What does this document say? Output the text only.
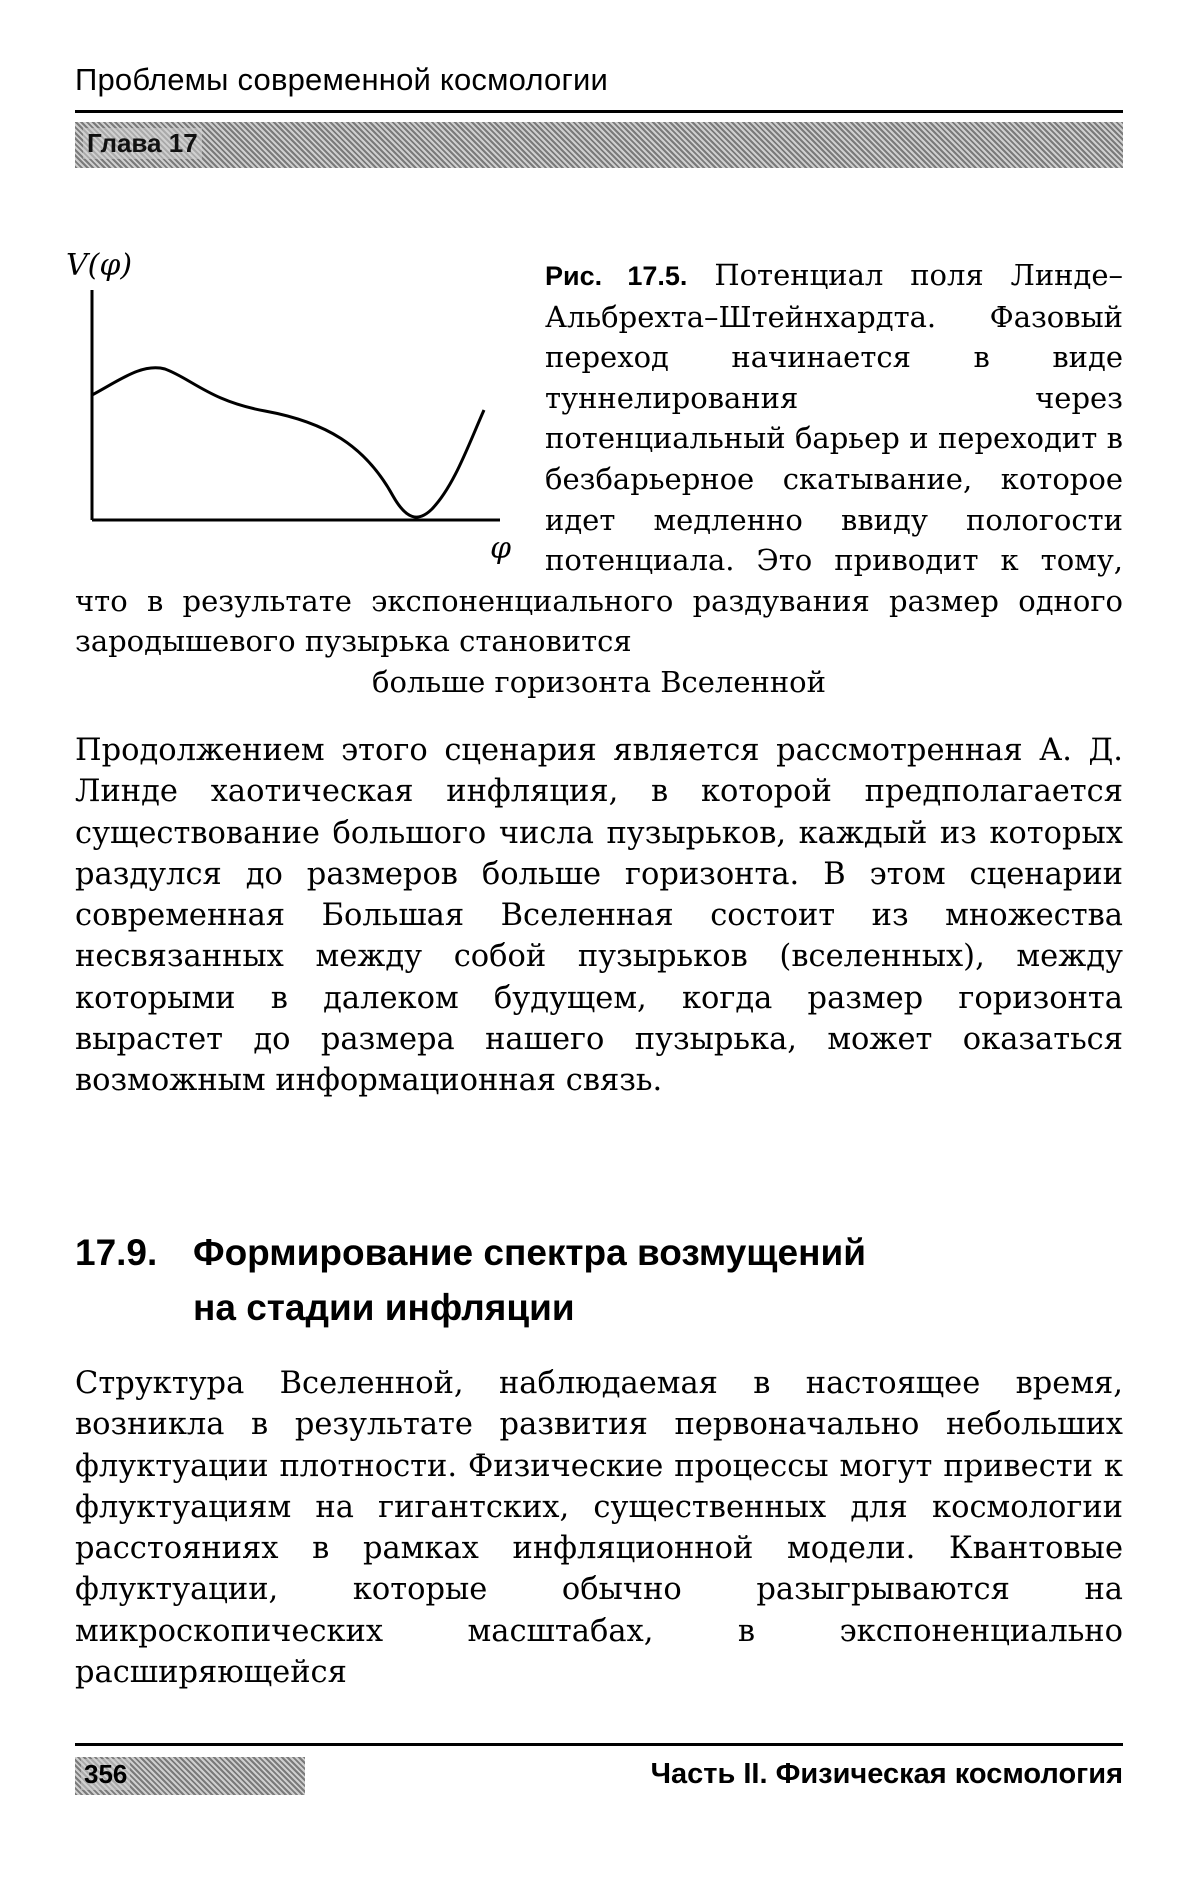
Проблемы современной космологии
Глава 17
V(φ)
φ
Рис. 17.5. Потенциал поля Линде–Альбрехта–Штейнхардта. Фазовый переход начинается в виде туннелирования через потенциальный барьер и переходит в безбарьерное скатывание, которое идет медленно ввиду пологости потенциала. Это приводит к тому, что в результате экспоненциального раздувания размер одного зародышевого пузырька становится
больше горизонта Вселенной
Продолжением этого сценария является рассмотренная А. Д. Линде хаотическая инфляция, в которой предполагается существование большого числа пузырьков, каждый из которых раздулся до размеров больше горизонта. В этом сценарии современная Большая Вселенная состоит из множества несвязанных между собой пузырьков (вселенных), между которыми в далеком будущем, когда размер горизонта вырастет до размера нашего пузырька, может оказаться возможным информационная связь.
17.9. Формирование спектра возмущений
на стадии инфляции
Структура Вселенной, наблюдаемая в настоящее время, возникла в результате развития первоначально небольших флуктуации плотности. Физические процессы могут привести к флуктуациям на гигантских, существенных для космологии расстояниях в рамках инфляционной модели. Квантовые флуктуации, которые обычно разыгрываются на микроскопических масштабах, в экспоненциально расширяющейся
356	Часть II. Физическая космология
